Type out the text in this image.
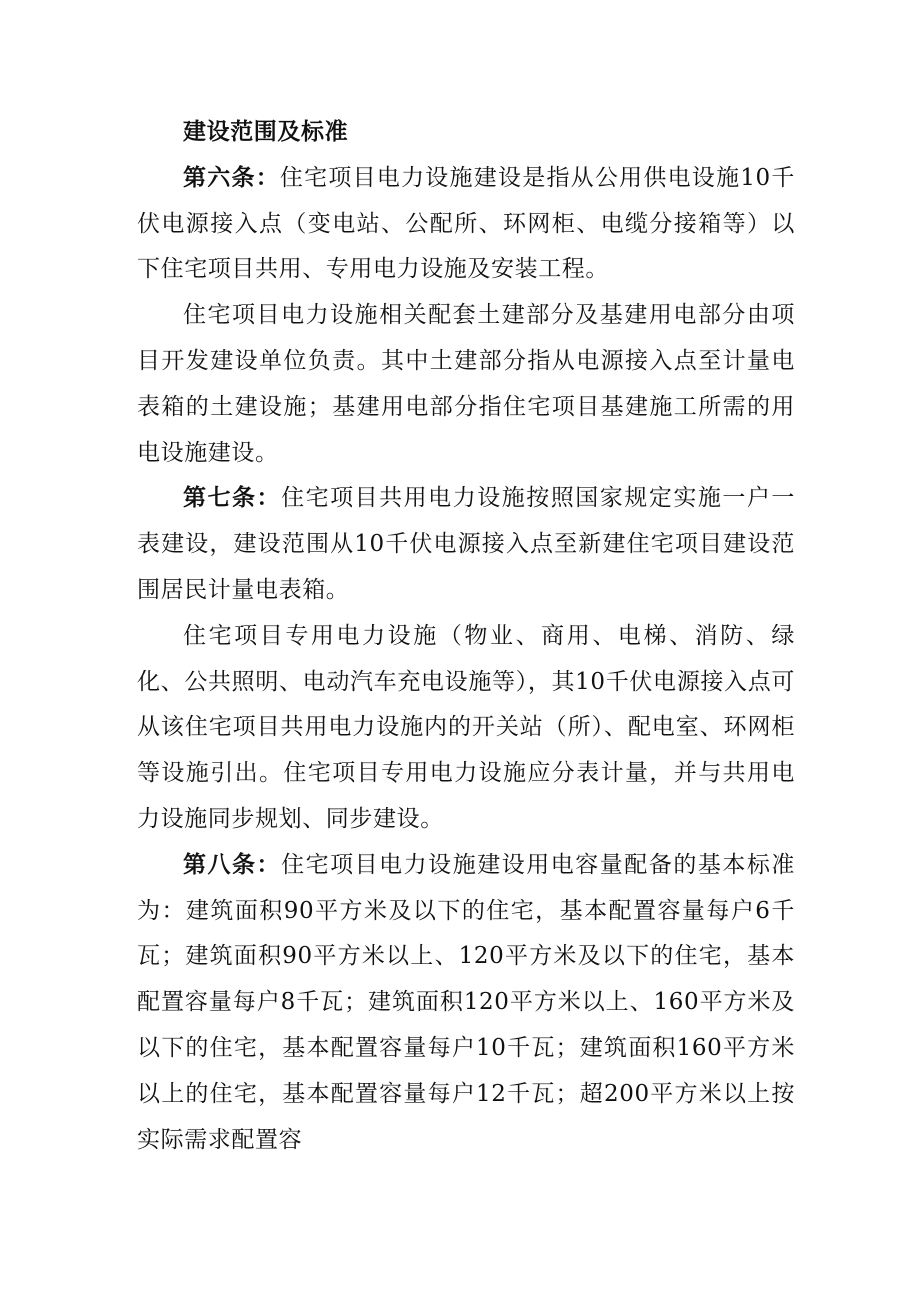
建设范围及标准

第六条：住宅项目电力设施建设是指从公用供电设施10千伏电源接入点（变电站、公配所、环网柜、电缆分接箱等）以下住宅项目共用、专用电力设施及安装工程。

住宅项目电力设施相关配套土建部分及基建用电部分由项目开发建设单位负责。其中土建部分指从电源接入点至计量电表箱的土建设施；基建用电部分指住宅项目基建施工所需的用电设施建设。

第七条：住宅项目共用电力设施按照国家规定实施一户一表建设，建设范围从10千伏电源接入点至新建住宅项目建设范围居民计量电表箱。

住宅项目专用电力设施（物业、商用、电梯、消防、绿化、公共照明、电动汽车充电设施等），其10千伏电源接入点可从该住宅项目共用电力设施内的开关站（所）、配电室、环网柜等设施引出。住宅项目专用电力设施应分表计量，并与共用电力设施同步规划、同步建设。

第八条：住宅项目电力设施建设用电容量配备的基本标准为：建筑面积90平方米及以下的住宅，基本配置容量每户6千瓦；建筑面积90平方米以上、120平方米及以下的住宅，基本配置容量每户8千瓦；建筑面积120平方米以上、160平方米及以下的住宅，基本配置容量每户10千瓦；建筑面积160平方米以上的住宅，基本配置容量每户12千瓦；超200平方米以上按实际需求配置容
